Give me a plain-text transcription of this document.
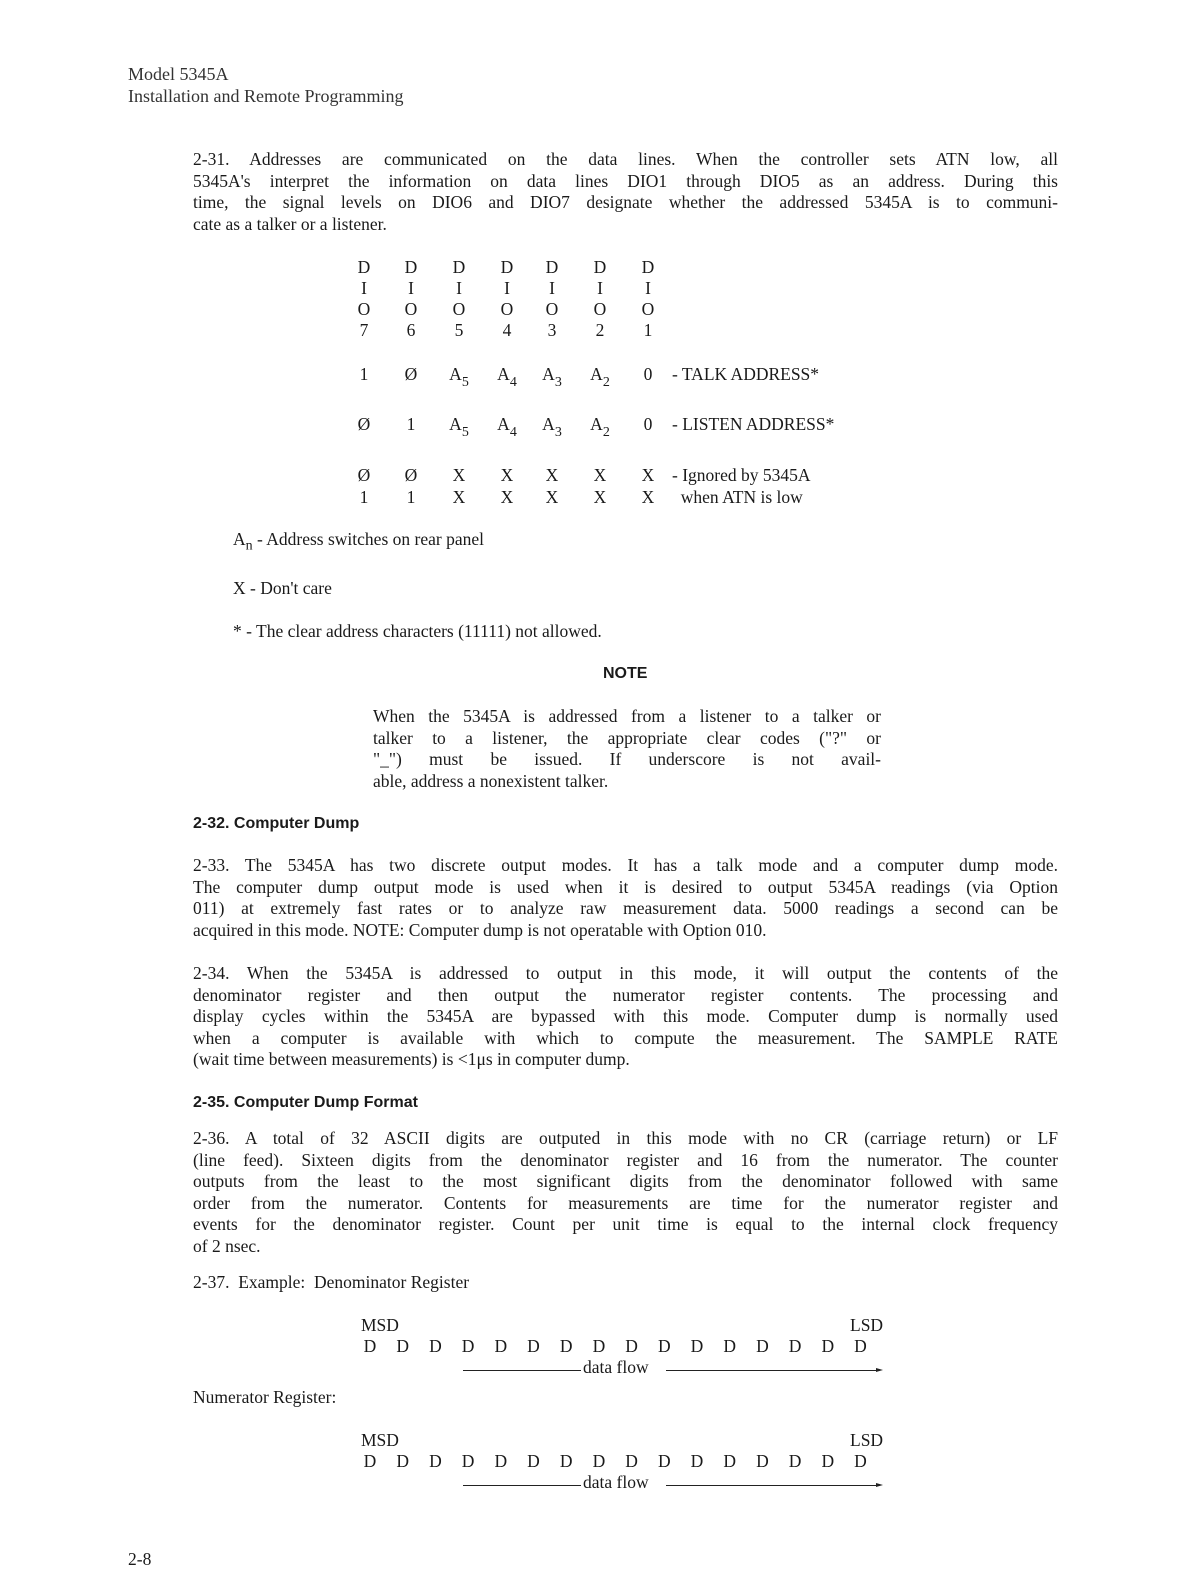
Model 5345A
Installation and Remote Programming
2-31. Addresses are communicated on the data lines. When the controller sets ATN low, all
5345A's interpret the information on data lines DIO1 through DIO5 as an address. During this
time, the signal levels on DIO6 and DIO7 designate whether the addressed 5345A is to communi-
cate as a talker or a listener.
D	D	D	D	D	D	D
I	I	I	I	I	I	I
O	O	O	O	O	O	O
7	6	5	4	3	2	1
1	Ø	$A_5$	$A_4$	$A_3$	$A_2$	0	- TALK ADDRESS*
Ø	1	$A_5$	$A_4$	$A_3$	$A_2$	0	- LISTEN ADDRESS*
Ø	Ø	X	X	X	X	X	- Ignored by 5345A
1	1	X	X	X	X	X	when ATN is low
$A_n$ - Address switches on rear panel
X - Don't care
* - The clear address characters (11111) not allowed.
NOTE
When the 5345A is addressed from a listener to a talker or
talker to a listener, the appropriate clear codes ("?" or
"_") must be issued. If underscore is not avail-
able, address a nonexistent talker.
2-32. Computer Dump
2-33. The 5345A has two discrete output modes. It has a talk mode and a computer dump mode.
The computer dump output mode is used when it is desired to output 5345A readings (via Option
011) at extremely fast rates or to analyze raw measurement data. 5000 readings a second can be
acquired in this mode. NOTE: Computer dump is not operatable with Option 010.
2-34. When the 5345A is addressed to output in this mode, it will output the contents of the
denominator register and then output the numerator register contents. The processing and
display cycles within the 5345A are bypassed with this mode. Computer dump is normally used
when a computer is available with which to compute the measurement. The SAMPLE RATE
(wait time between measurements) is <1μs in computer dump.
2-35. Computer Dump Format
2-36. A total of 32 ASCII digits are outputed in this mode with no CR (carriage return) or LF
(line feed). Sixteen digits from the denominator register and 16 from the numerator. The counter
outputs from the least to the most significant digits from the denominator followed with same
order from the numerator. Contents for measurements are time for the numerator register and
events for the denominator register. Count per unit time is equal to the internal clock frequency
of 2 nsec.
2-37.  Example:  Denominator Register
Numerator Register:
MSD	LSD
D D D D D D D D D D D D D D D D
data flow
MSD	LSD
D D D D D D D D D D D D D D D D
data flow
2-8
